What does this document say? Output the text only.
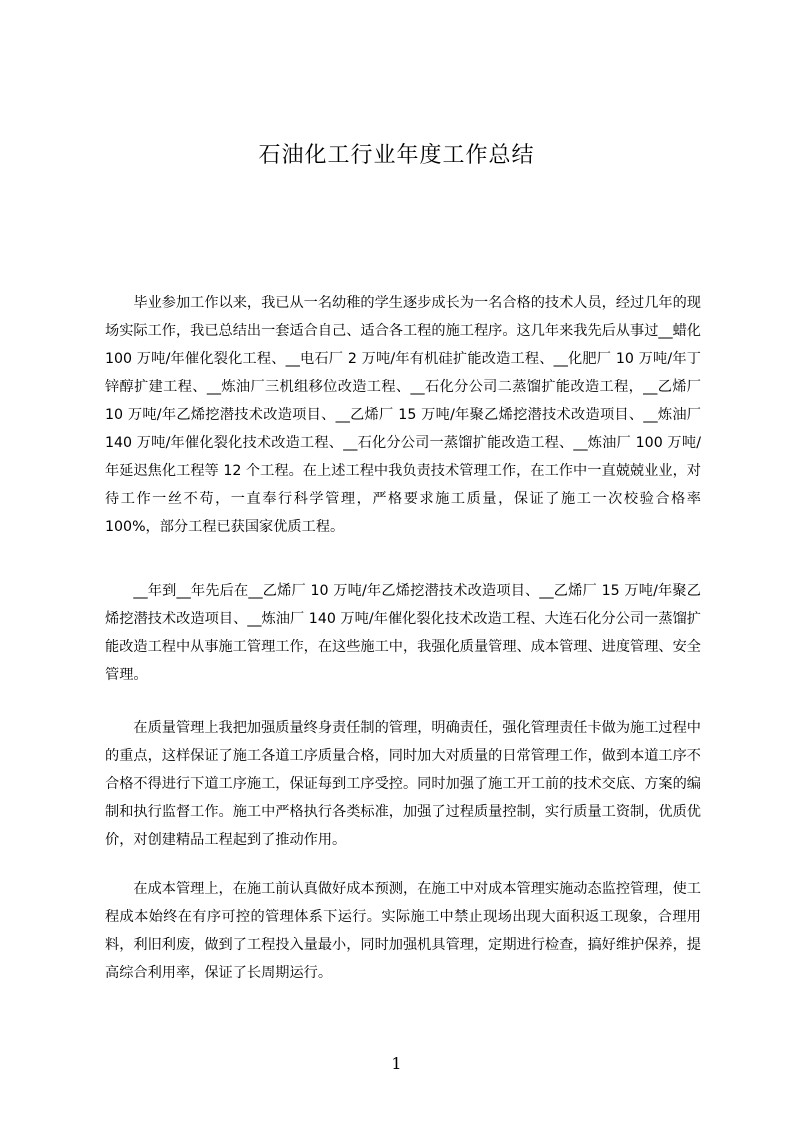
石油化工行业年度工作总结

毕业参加工作以来，我已从一名幼稚的学生逐步成长为一名合格的技术人员，经过几年的现场实际工作，我已总结出一套适合自己、适合各工程的施工程序。这几年来我先后从事过__蜡化 100 万吨/年催化裂化工程、__电石厂 2 万吨/年有机硅扩能改造工程、__化肥厂 10 万吨/年丁锌醇扩建工程、__炼油厂三机组移位改造工程、__石化分公司二蒸馏扩能改造工程，__乙烯厂 10 万吨/年乙烯挖潜技术改造项目、__乙烯厂 15 万吨/年聚乙烯挖潜技术改造项目、__炼油厂 140 万吨/年催化裂化技术改造工程、__石化分公司一蒸馏扩能改造工程、__炼油厂 100 万吨/年延迟焦化工程等 12 个工程。在上述工程中我负责技术管理工作，在工作中一直兢兢业业，对待工作一丝不苟，一直奉行科学管理，严格要求施工质量，保证了施工一次校验合格率 100%，部分工程已获国家优质工程。

__年到__年先后在__乙烯厂 10 万吨/年乙烯挖潜技术改造项目、__乙烯厂 15 万吨/年聚乙烯挖潜技术改造项目、__炼油厂 140 万吨/年催化裂化技术改造工程、大连石化分公司一蒸馏扩能改造工程中从事施工管理工作，在这些施工中，我强化质量管理、成本管理、进度管理、安全管理。

在质量管理上我把加强质量终身责任制的管理，明确责任，强化管理责任卡做为施工过程中的重点，这样保证了施工各道工序质量合格，同时加大对质量的日常管理工作，做到本道工序不合格不得进行下道工序施工，保证每到工序受控。同时加强了施工开工前的技术交底、方案的编制和执行监督工作。施工中严格执行各类标准，加强了过程质量控制，实行质量工资制，优质优价，对创建精品工程起到了推动作用。

在成本管理上，在施工前认真做好成本预测，在施工中对成本管理实施动态监控管理，使工程成本始终在有序可控的管理体系下运行。实际施工中禁止现场出现大面积返工现象，合理用料，利旧利废，做到了工程投入量最小，同时加强机具管理，定期进行检查，搞好维护保养，提高综合利用率，保证了长周期运行。

1
